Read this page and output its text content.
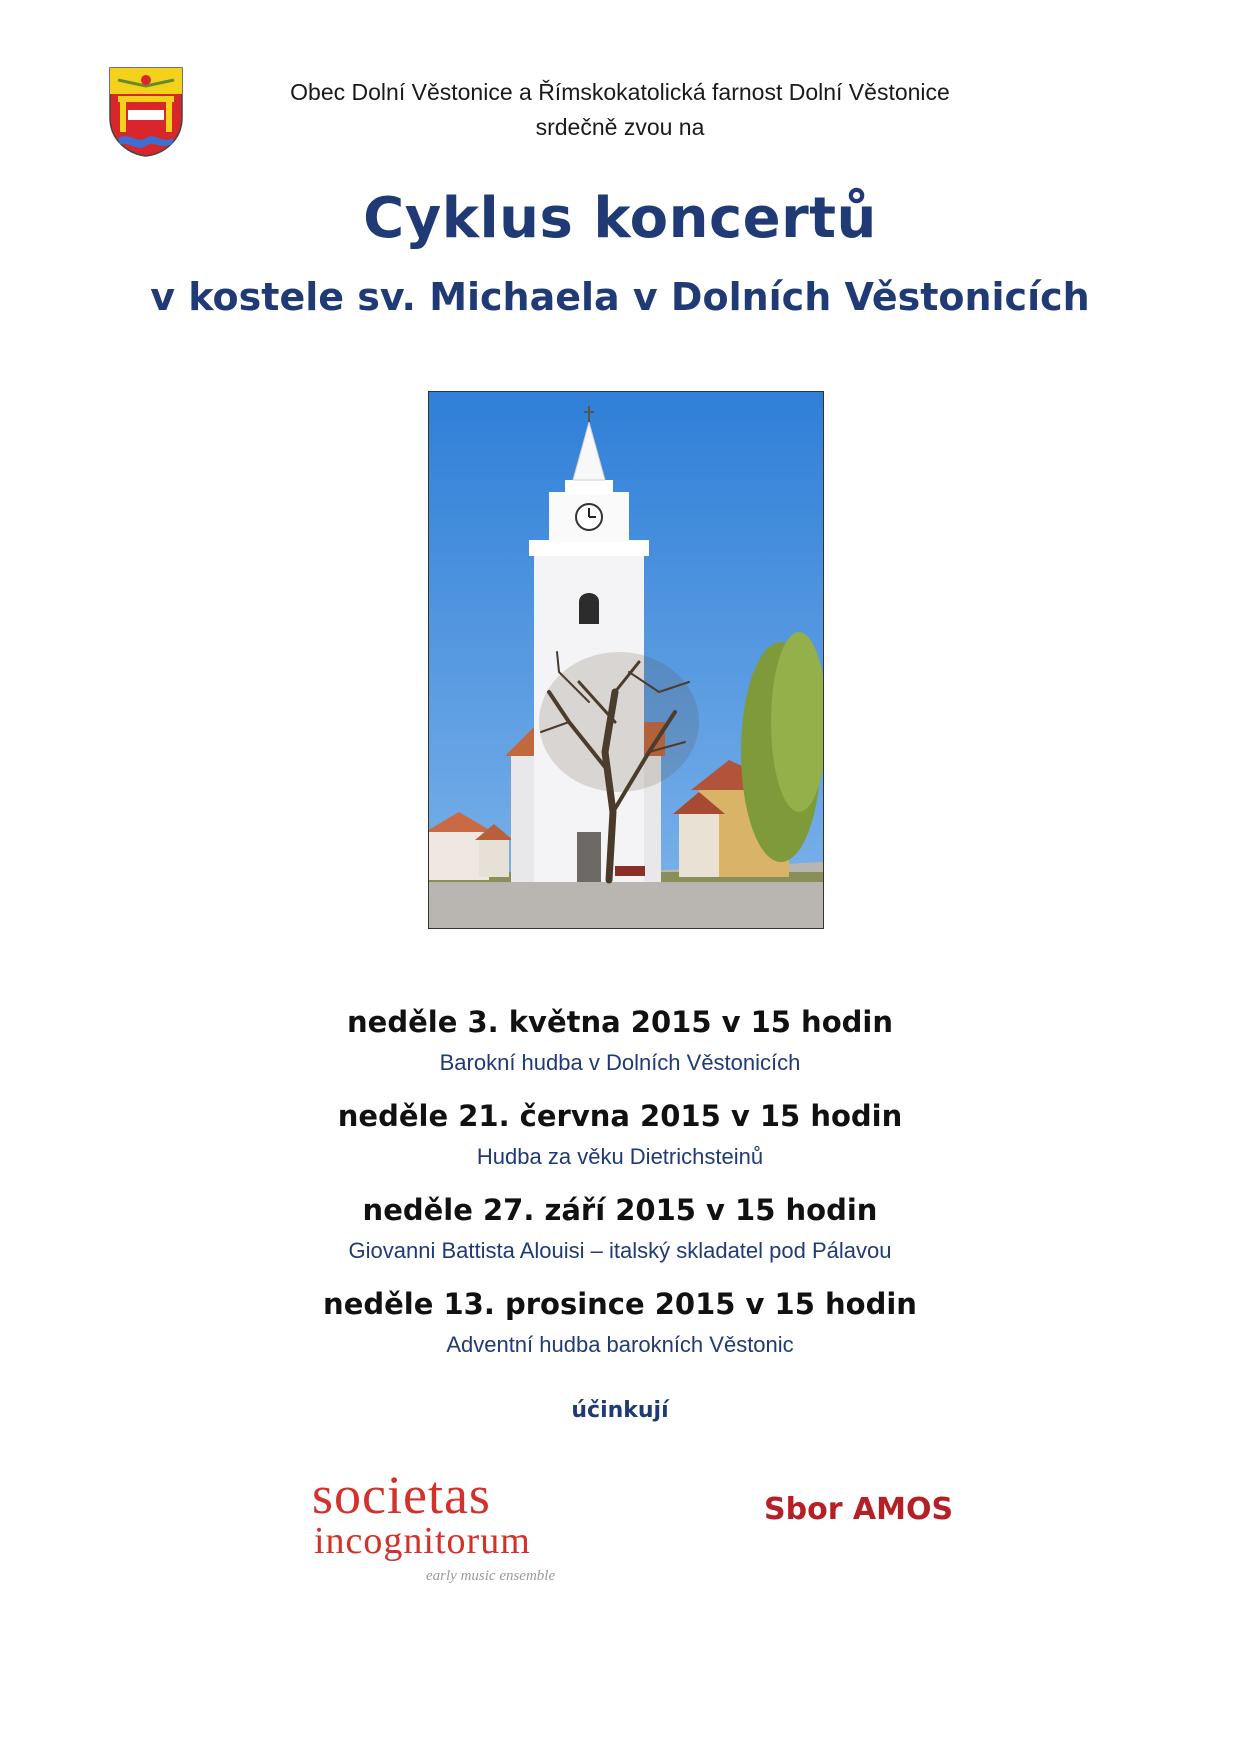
Obec Dolní Věstonice a Římskokatolická farnost Dolní Věstonice
srdečně zvou na
Cyklus koncertů
v kostele sv. Michaela v Dolních Věstonicích
neděle 3. května 2015 v 15 hodin
Barokní hudba v Dolních Věstonicích
neděle 21. června 2015 v 15 hodin
Hudba za věku Dietrichsteinů
neděle 27. září 2015 v 15 hodin
Giovanni Battista Alouisi – italský skladatel pod Pálavou
neděle 13. prosince 2015 v 15 hodin
Adventní hudba barokních Věstonic
účinkují
societas
incognitorum
early music ensemble
Sbor AMOS
